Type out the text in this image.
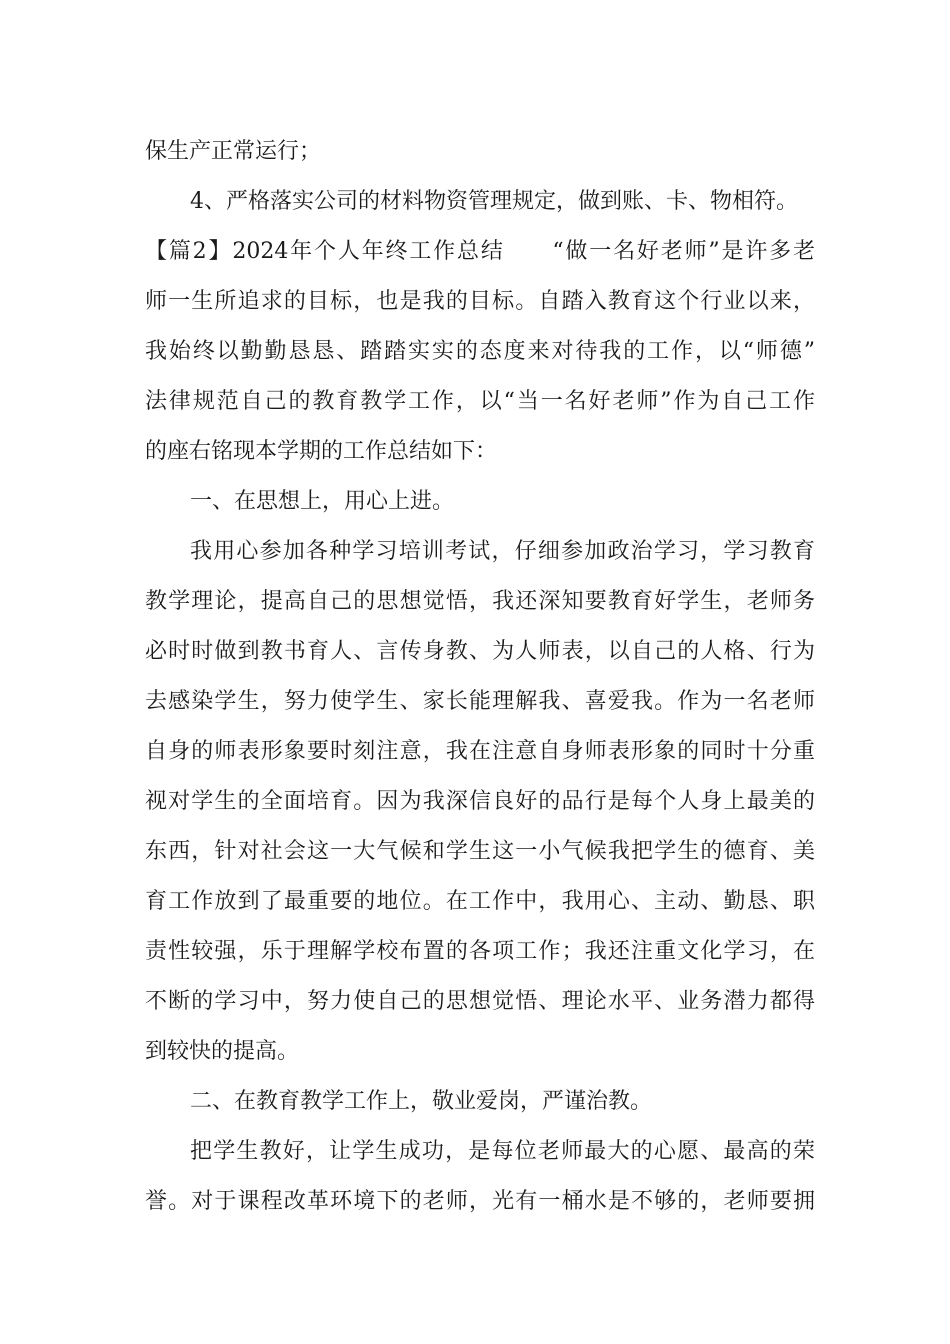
保生产正常运行；
4、严格落实公司的材料物资管理规定，做到账、卡、物相符。
【篇2】2024年个人年终工作总结　　“做一名好老师”是许多老
师一生所追求的目标，也是我的目标。自踏入教育这个行业以来，
我始终以勤勤恳恳、踏踏实实的态度来对待我的工作，以“师德”
法律规范自己的教育教学工作，以“当一名好老师”作为自己工作
的座右铭现本学期的工作总结如下：
一、在思想上，用心上进。
我用心参加各种学习培训考试，仔细参加政治学习，学习教育
教学理论，提高自己的思想觉悟，我还深知要教育好学生，老师务
必时时做到教书育人、言传身教、为人师表，以自己的人格、行为
去感染学生，努力使学生、家长能理解我、喜爱我。作为一名老师
自身的师表形象要时刻注意，我在注意自身师表形象的同时十分重
视对学生的全面培育。因为我深信良好的品行是每个人身上最美的
东西，针对社会这一大气候和学生这一小气候我把学生的德育、美
育工作放到了最重要的地位。在工作中，我用心、主动、勤恳、职
责性较强，乐于理解学校布置的各项工作；我还注重文化学习，在
不断的学习中，努力使自己的思想觉悟、理论水平、业务潜力都得
到较快的提高。
二、在教育教学工作上，敬业爱岗，严谨治教。
把学生教好，让学生成功，是每位老师最大的心愿、最高的荣
誉。对于课程改革环境下的老师，光有一桶水是不够的，老师要拥
